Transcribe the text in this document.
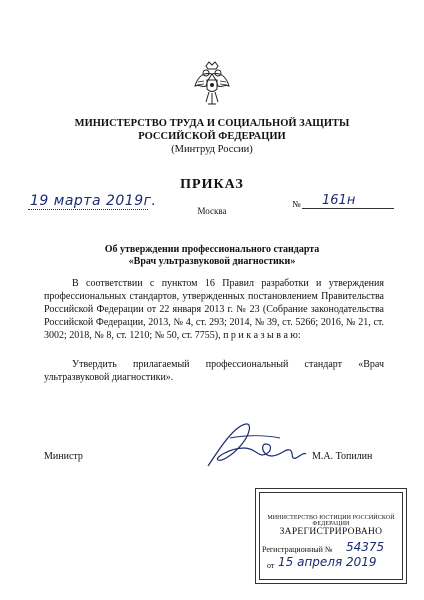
МИНИСТЕРСТВО ТРУДА И СОЦИАЛЬНОЙ ЗАЩИТЫ
РОССИЙСКОЙ ФЕДЕРАЦИИ
(Минтруд России)
ПРИКАЗ
19 марта 2019г.
Москва
№ 161н
Об утверждении профессионального стандарта
«Врач ультразвуковой диагностики»
В соответствии с пунктом 16 Правил разработки и утверждения профессиональных стандартов, утвержденных постановлением Правительства Российской Федерации от 22 января 2013 г. № 23 (Собрание законодательства Российской Федерации, 2013, № 4, ст. 293; 2014, № 39, ст. 5266; 2016, № 21, ст. 3002; 2018, № 8, ст. 1210; № 50, ст. 7755), п р и к а з ы в а ю:
Утвердить прилагаемый профессиональный стандарт «Врач ультразвуковой диагностики».
Министр	М.А. Топилин
МИНИСТЕРСТВО ЮСТИЦИИ РОССИЙСКОЙ ФЕДЕРАЦИИ
ЗАРЕГИСТРИРОВАНО
Регистрационный № 54375
от 15 апреля 2019
